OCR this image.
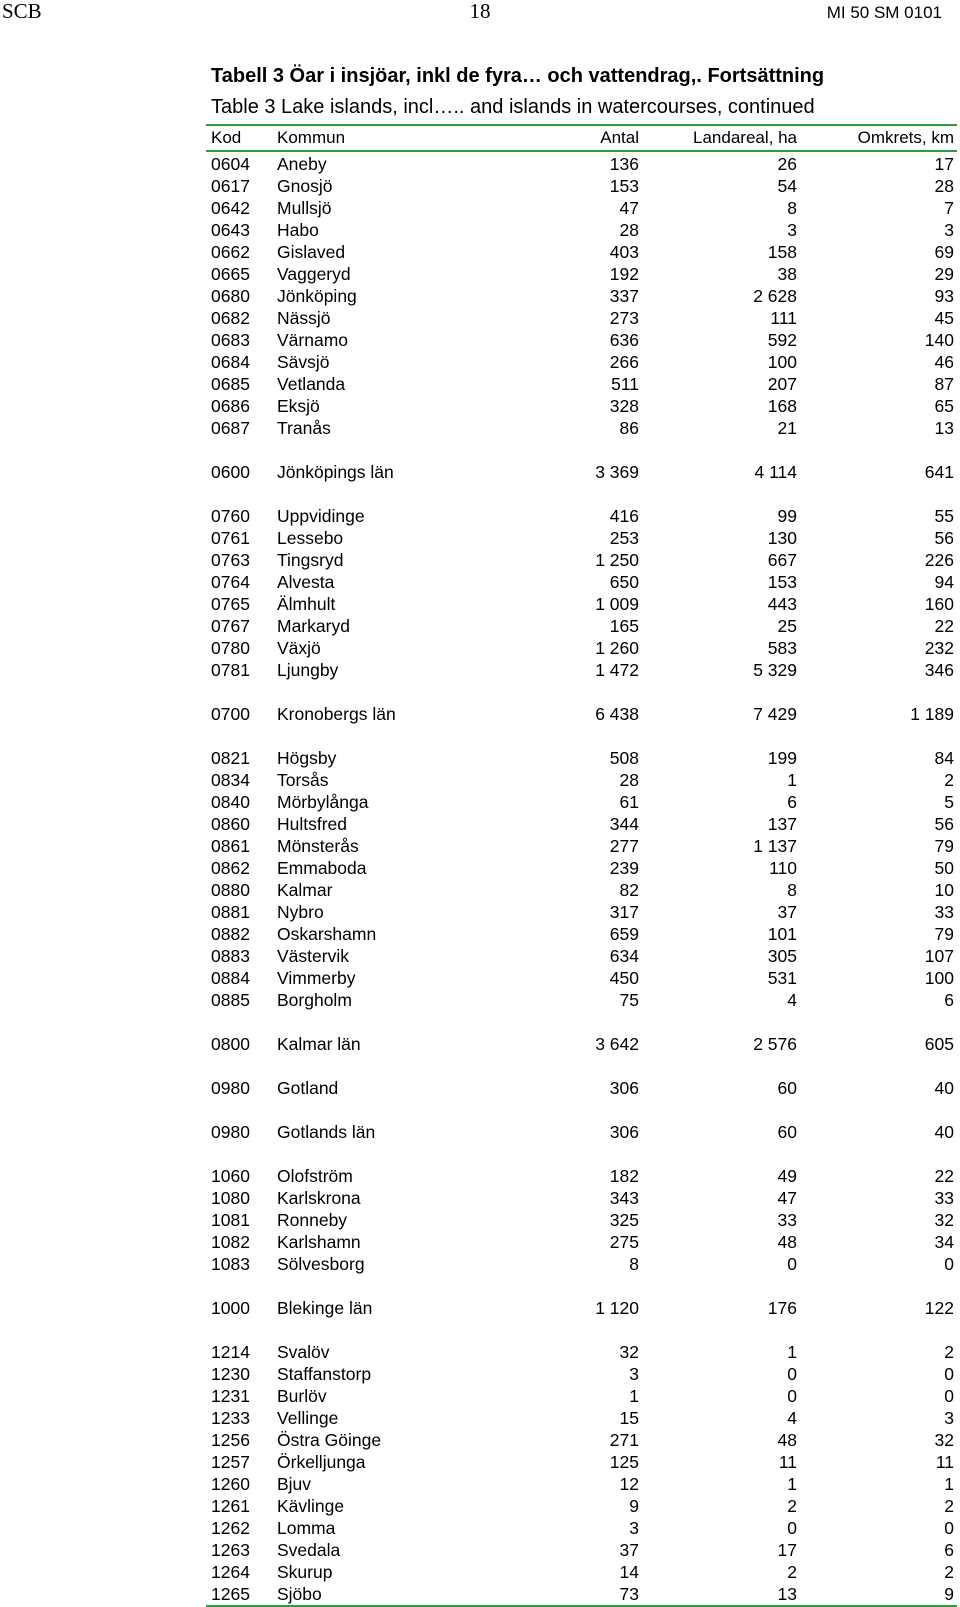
SCB	18	MI 50 SM 0101
Tabell 3 Öar i insjöar, inkl de fyra… och vattendrag,. Fortsättning
Table 3 Lake islands, incl….. and islands in watercourses, continued
Kod Kommun	Antal	Landareal, ha	Omkrets, km
0604 Aneby	136	26	17
0617 Gnosjö	153	54	28
0642 Mullsjö	47	8	7
0643 Habo	28	3	3
0662 Gislaved	403	158	69
0665 Vaggeryd	192	38	29
0680 Jönköping	337	2 628	93
0682 Nässjö	273	111	45
0683 Värnamo	636	592	140
0684 Sävsjö	266	100	46
0685 Vetlanda	511	207	87
0686 Eksjö	328	168	65
0687 Tranås	86	21	13
0600 Jönköpings län	3 369	4 114	641
0760 Uppvidinge	416	99	55
0761 Lessebo	253	130	56
0763 Tingsryd	1 250	667	226
0764 Alvesta	650	153	94
0765 Älmhult	1 009	443	160
0767 Markaryd	165	25	22
0780 Växjö	1 260	583	232
0781 Ljungby	1 472	5 329	346
0700 Kronobergs län	6 438	7 429	1 189
0821 Högsby	508	199	84
0834 Torsås	28	1	2
0840 Mörbylånga	61	6	5
0860 Hultsfred	344	137	56
0861 Mönsterås	277	1 137	79
0862 Emmaboda	239	110	50
0880 Kalmar	82	8	10
0881 Nybro	317	37	33
0882 Oskarshamn	659	101	79
0883 Västervik	634	305	107
0884 Vimmerby	450	531	100
0885 Borgholm	75	4	6
0800 Kalmar län	3 642	2 576	605
0980 Gotland	306	60	40
0980 Gotlands län	306	60	40
1060 Olofström	182	49	22
1080 Karlskrona	343	47	33
1081 Ronneby	325	33	32
1082 Karlshamn	275	48	34
1083 Sölvesborg	8	0	0
1000 Blekinge län	1 120	176	122
1214 Svalöv	32	1	2
1230 Staffanstorp	3	0	0
1231 Burlöv	1	0	0
1233 Vellinge	15	4	3
1256 Östra Göinge	271	48	32
1257 Örkelljunga	125	11	11
1260 Bjuv	12	1	1
1261 Kävlinge	9	2	2
1262 Lomma	3	0	0
1263 Svedala	37	17	6
1264 Skurup	14	2	2
1265 Sjöbo	73	13	9
